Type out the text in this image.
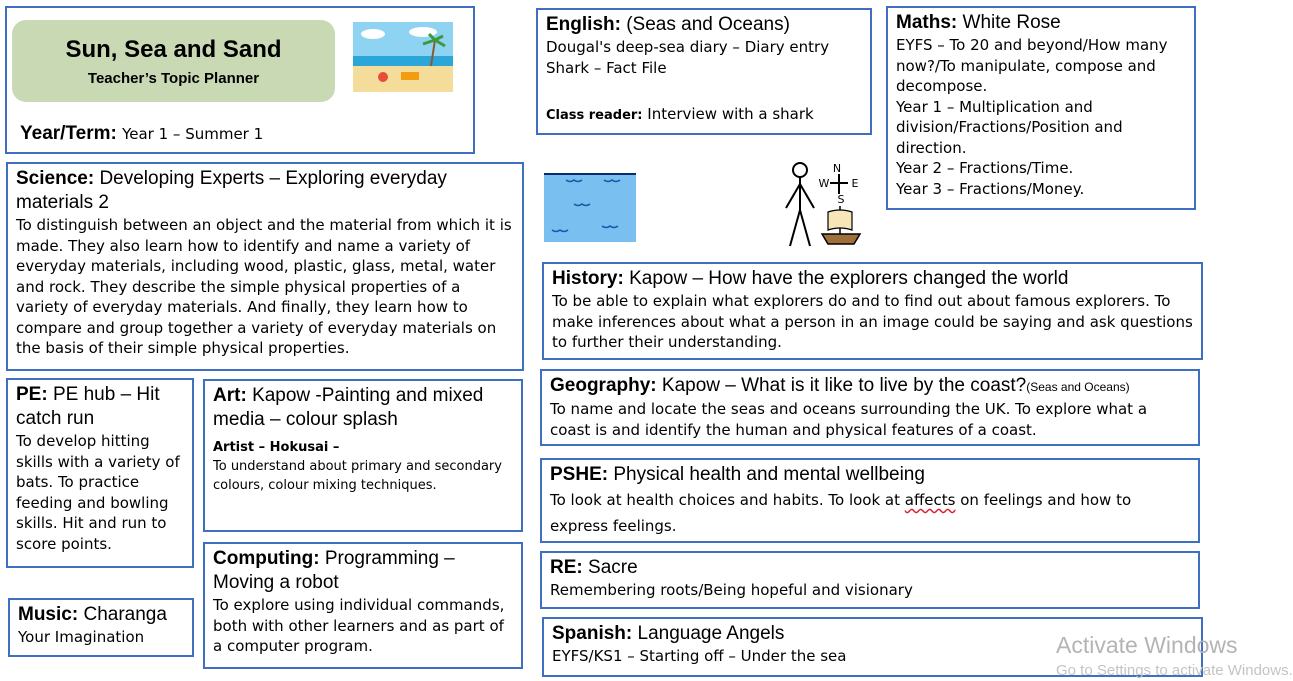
Sun, Sea and Sand
Teacher’s Topic Planner
Year/Term: Year 1 – Summer 1
English: (Seas and Oceans)
Dougal's deep-sea diary – Diary entry
Shark – Fact File
Class reader: Interview with a shark
Maths: White Rose
EYFS – To 20 and beyond/How many now?/To manipulate, compose and decompose.
Year 1 – Multiplication and division/Fractions/Position and direction.
Year 2 – Fractions/Time.
Year 3 – Fractions/Money.
N
W E
S
Science: Developing Experts – Exploring everyday materials 2
To distinguish between an object and the material from which it is made. They also learn how to identify and name a variety of everyday materials, including wood, plastic, glass, metal, water and rock. They describe the simple physical properties of a variety of everyday materials. And finally, they learn how to compare and group together a variety of everyday materials on the basis of their simple physical properties.
History: Kapow – How have the explorers changed the world
To be able to explain what explorers do and to find out about famous explorers. To make inferences about what a person in an image could be saying and ask questions to further their understanding.
Geography: Kapow – What is it like to live by the coast?(Seas and Oceans)
To name and locate the seas and oceans surrounding the UK. To explore what a coast is and identify the human and physical features of a coast.
PE: PE hub – Hit catch run
To develop hitting skills with a variety of bats. To practice feeding and bowling skills. Hit and run to score points.
Art: Kapow -Painting and mixed media – colour splash
Artist – Hokusai –
To understand about primary and secondary colours, colour mixing techniques.
PSHE: Physical health and mental wellbeing
To look at health choices and habits. To look at affects on feelings and how to express feelings.
Computing: Programming – Moving a robot
To explore using individual commands, both with other learners and as part of a computer program.
RE: Sacre
Remembering roots/Being hopeful and visionary
Music: Charanga
Your Imagination	Spanish: Language Angels
EYFS/KS1 – Starting off – Under the sea	Activate Windows
Go to Settings to activate Windows.
